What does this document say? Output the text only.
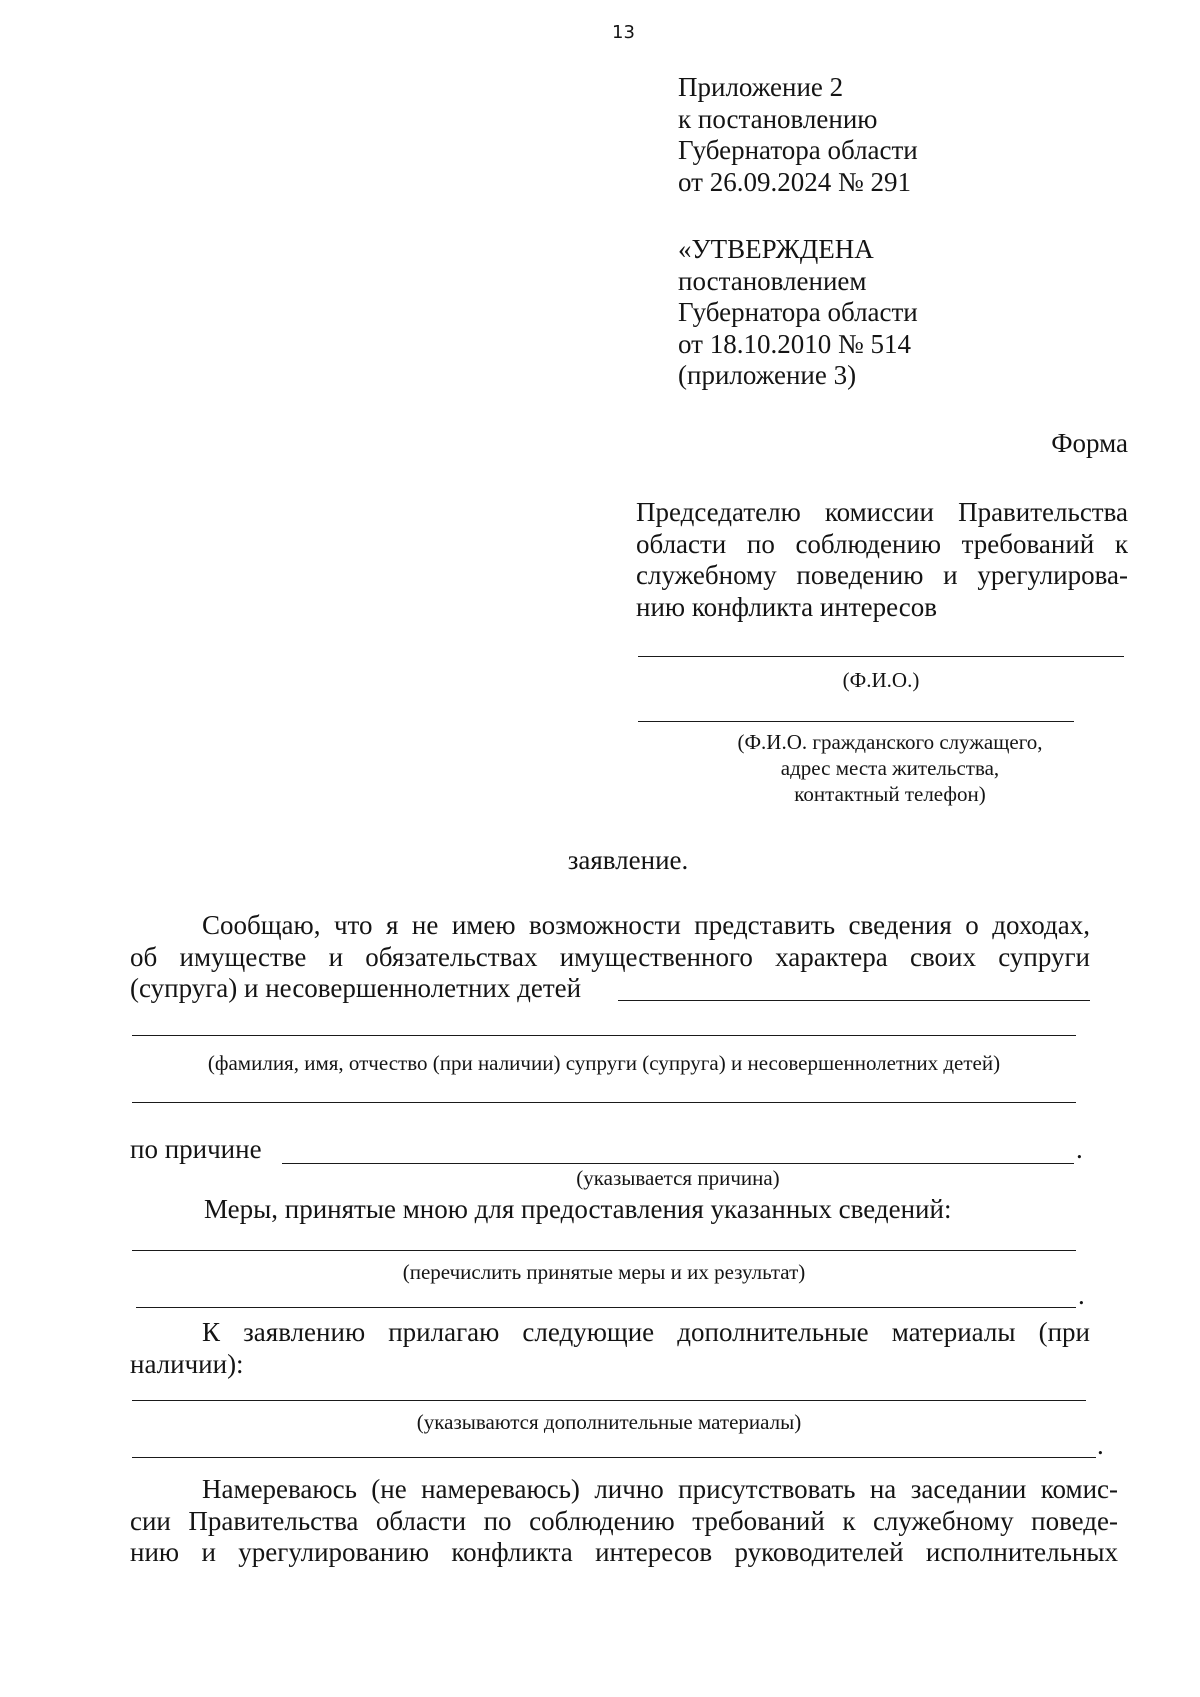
13
Приложение 2
к постановлению
Губернатора области
от 26.09.2024 № 291
«УТВЕРЖДЕНА
постановлением
Губернатора области
от 18.10.2010 № 514
(приложение 3)
Форма
Председателю комиссии Правительства
области по соблюдению требований к
служебному поведению и урегулирова-
нию конфликта интересов
(Ф.И.О.)
(Ф.И.О. гражданского служащего,
адрес места жительства,
контактный телефон)
заявление.
Сообщаю, что я не имею возможности представить сведения о доходах,
об имуществе и обязательствах имущественного характера своих супруги
(супруга) и несовершеннолетних детей
(фамилия, имя, отчество (при наличии) супруги (супруга) и несовершеннолетних детей)
по причине	.
(указывается причина)
Меры, принятые мною для предоставления указанных сведений:
(перечислить принятые меры и их результат)
.
К заявлению прилагаю следующие дополнительные материалы (при
наличии):
(указываются дополнительные материалы)
.
Намереваюсь (не намереваюсь) лично присутствовать на заседании комис-
сии Правительства области по соблюдению требований к служебному поведе-
нию и урегулированию конфликта интересов руководителей исполнительных
